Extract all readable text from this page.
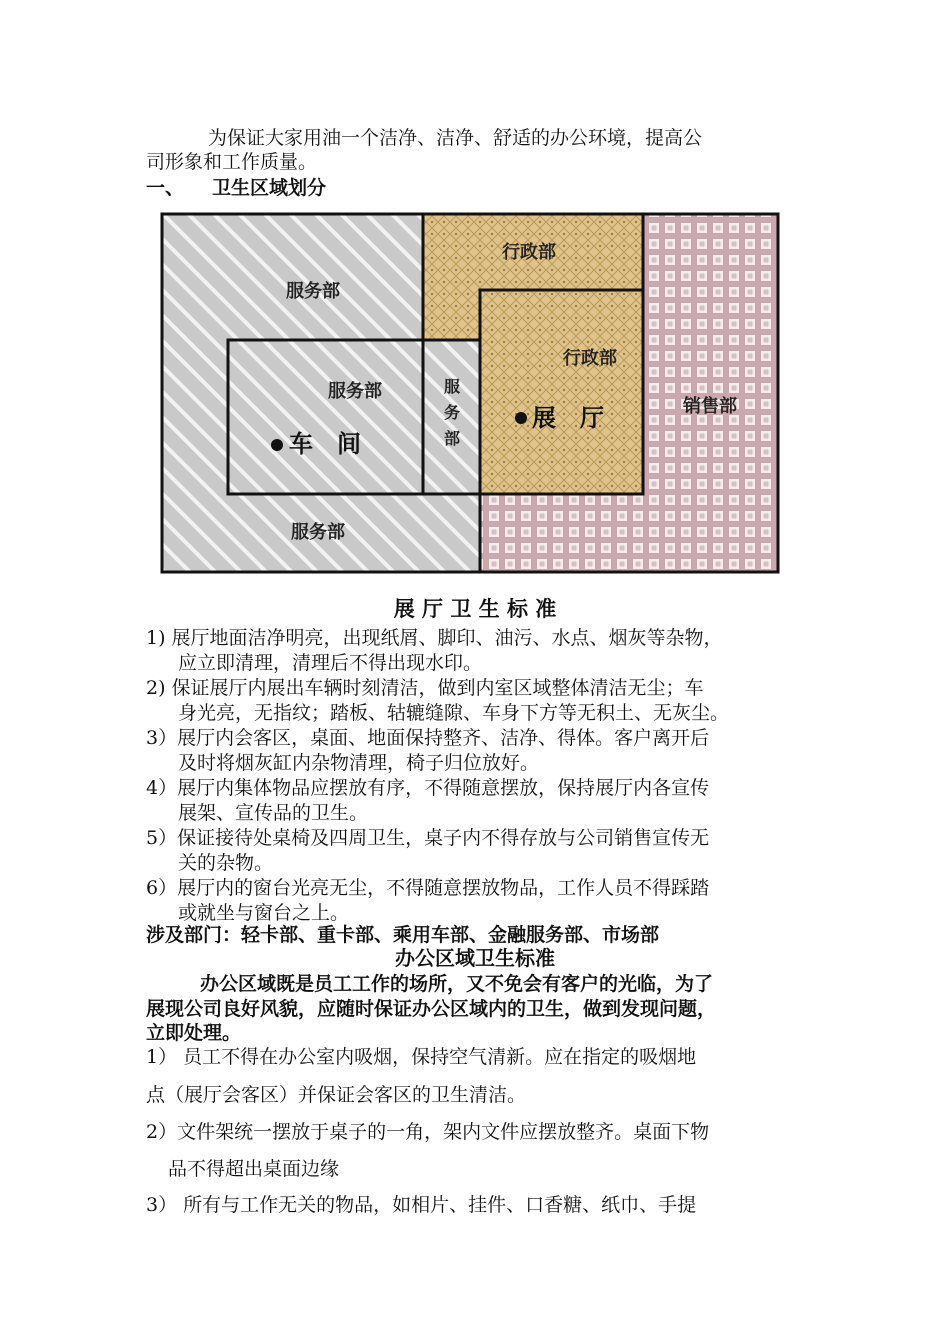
为保证大家用油一个洁净、洁净、舒适的办公环境，提高公
司形象和工作质量。
一、 卫生区域划分
服务部
行政部
行政部
销售部
服务部	服
务
部
车　间
展　厅
服务部
展 厅 卫 生 标 准
1) 展厅地面洁净明亮，出现纸屑、脚印、油污、水点、烟灰等杂物，
应立即清理，清理后不得出现水印。
2) 保证展厅内展出车辆时刻清洁，做到内室区域整体清洁无尘；车
身光亮，无指纹；踏板、轱辘缝隙、车身下方等无积土、无灰尘。
3）展厅内会客区，桌面、地面保持整齐、洁净、得体。客户离开后
及时将烟灰缸内杂物清理，椅子归位放好。
4）展厅内集体物品应摆放有序，不得随意摆放，保持展厅内各宣传
展架、宣传品的卫生。
5）保证接待处桌椅及四周卫生，桌子内不得存放与公司销售宣传无
关的杂物。
6）展厅内的窗台光亮无尘，不得随意摆放物品，工作人员不得踩踏
或就坐与窗台之上。
涉及部门：轻卡部、重卡部、乘用车部、金融服务部、市场部
办公区域卫生标准
办公区域既是员工工作的场所，又不免会有客户的光临，为了
展现公司良好风貌，应随时保证办公区域内的卫生，做到发现问题，
立即处理。
1） 员工不得在办公室内吸烟，保持空气清新。应在指定的吸烟地
点（展厅会客区）并保证会客区的卫生清洁。
2）文件架统一摆放于桌子的一角，架内文件应摆放整齐。桌面下物
品不得超出桌面边缘
3） 所有与工作无关的物品，如相片、挂件、口香糖、纸巾、手提
